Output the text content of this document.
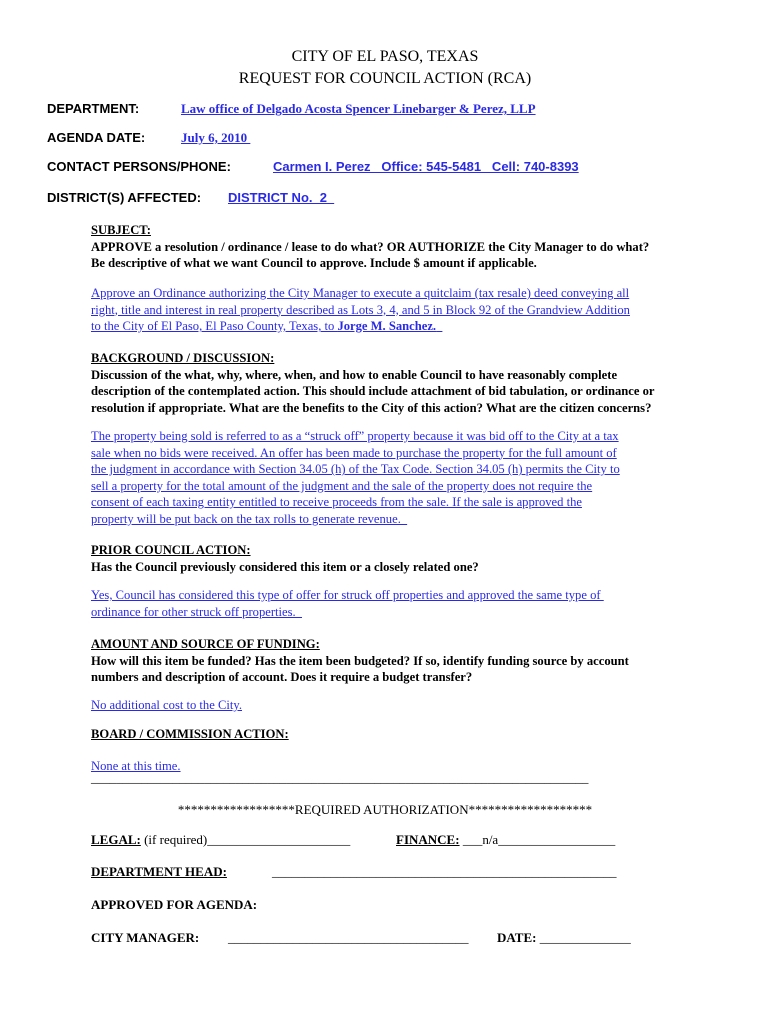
CITY OF EL PASO, TEXAS
REQUEST FOR COUNCIL ACTION (RCA)
DEPARTMENT:	Law office of Delgado Acosta Spencer Linebarger & Perez, LLP
AGENDA DATE:	July 6, 2010
CONTACT PERSONS/PHONE:	Carmen I. Perez   Office: 545-5481   Cell: 740-8393
DISTRICT(S) AFFECTED: DISTRICT No.  2
SUBJECT:
APPROVE a resolution / ordinance / lease to do what? OR AUTHORIZE the City Manager to do what?
Be descriptive of what we want Council to approve. Include $ amount if applicable.
Approve an Ordinance authorizing the City Manager to execute a quitclaim (tax resale) deed conveying all
right, title and interest in real property described as Lots 3, 4, and 5 in Block 92 of the Grandview Addition
to the City of El Paso, El Paso County, Texas, to Jorge M. Sanchez.
BACKGROUND / DISCUSSION:
Discussion of the what, why, where, when, and how to enable Council to have reasonably complete
description of the contemplated action. This should include attachment of bid tabulation, or ordinance or
resolution if appropriate. What are the benefits to the City of this action? What are the citizen concerns?
The property being sold is referred to as a “struck off” property because it was bid off to the City at a tax
sale when no bids were received. An offer has been made to purchase the property for the full amount of
the judgment in accordance with Section 34.05 (h) of the Tax Code. Section 34.05 (h) permits the City to
sell a property for the total amount of the judgment and the sale of the property does not require the
consent of each taxing entity entitled to receive proceeds from the sale. If the sale is approved the
property will be put back on the tax rolls to generate revenue.
PRIOR COUNCIL ACTION:
Has the Council previously considered this item or a closely related one?
Yes, Council has considered this type of offer for struck off properties and approved the same type of
ordinance for other struck off properties.
AMOUNT AND SOURCE OF FUNDING:
How will this item be funded? Has the item been budgeted? If so, identify funding source by account
numbers and description of account. Does it require a budget transfer?
No additional cost to the City.
BOARD / COMMISSION ACTION:
None at this time.
_______________________________________________________________________________
******************REQUIRED AUTHORIZATION*******************
LEGAL: (if required)______________________	FINANCE: ___n/a__________________
DEPARTMENT HEAD:	_____________________________________________________
APPROVED FOR AGENDA:
CITY MANAGER: _____________________________________ DATE: ______________
